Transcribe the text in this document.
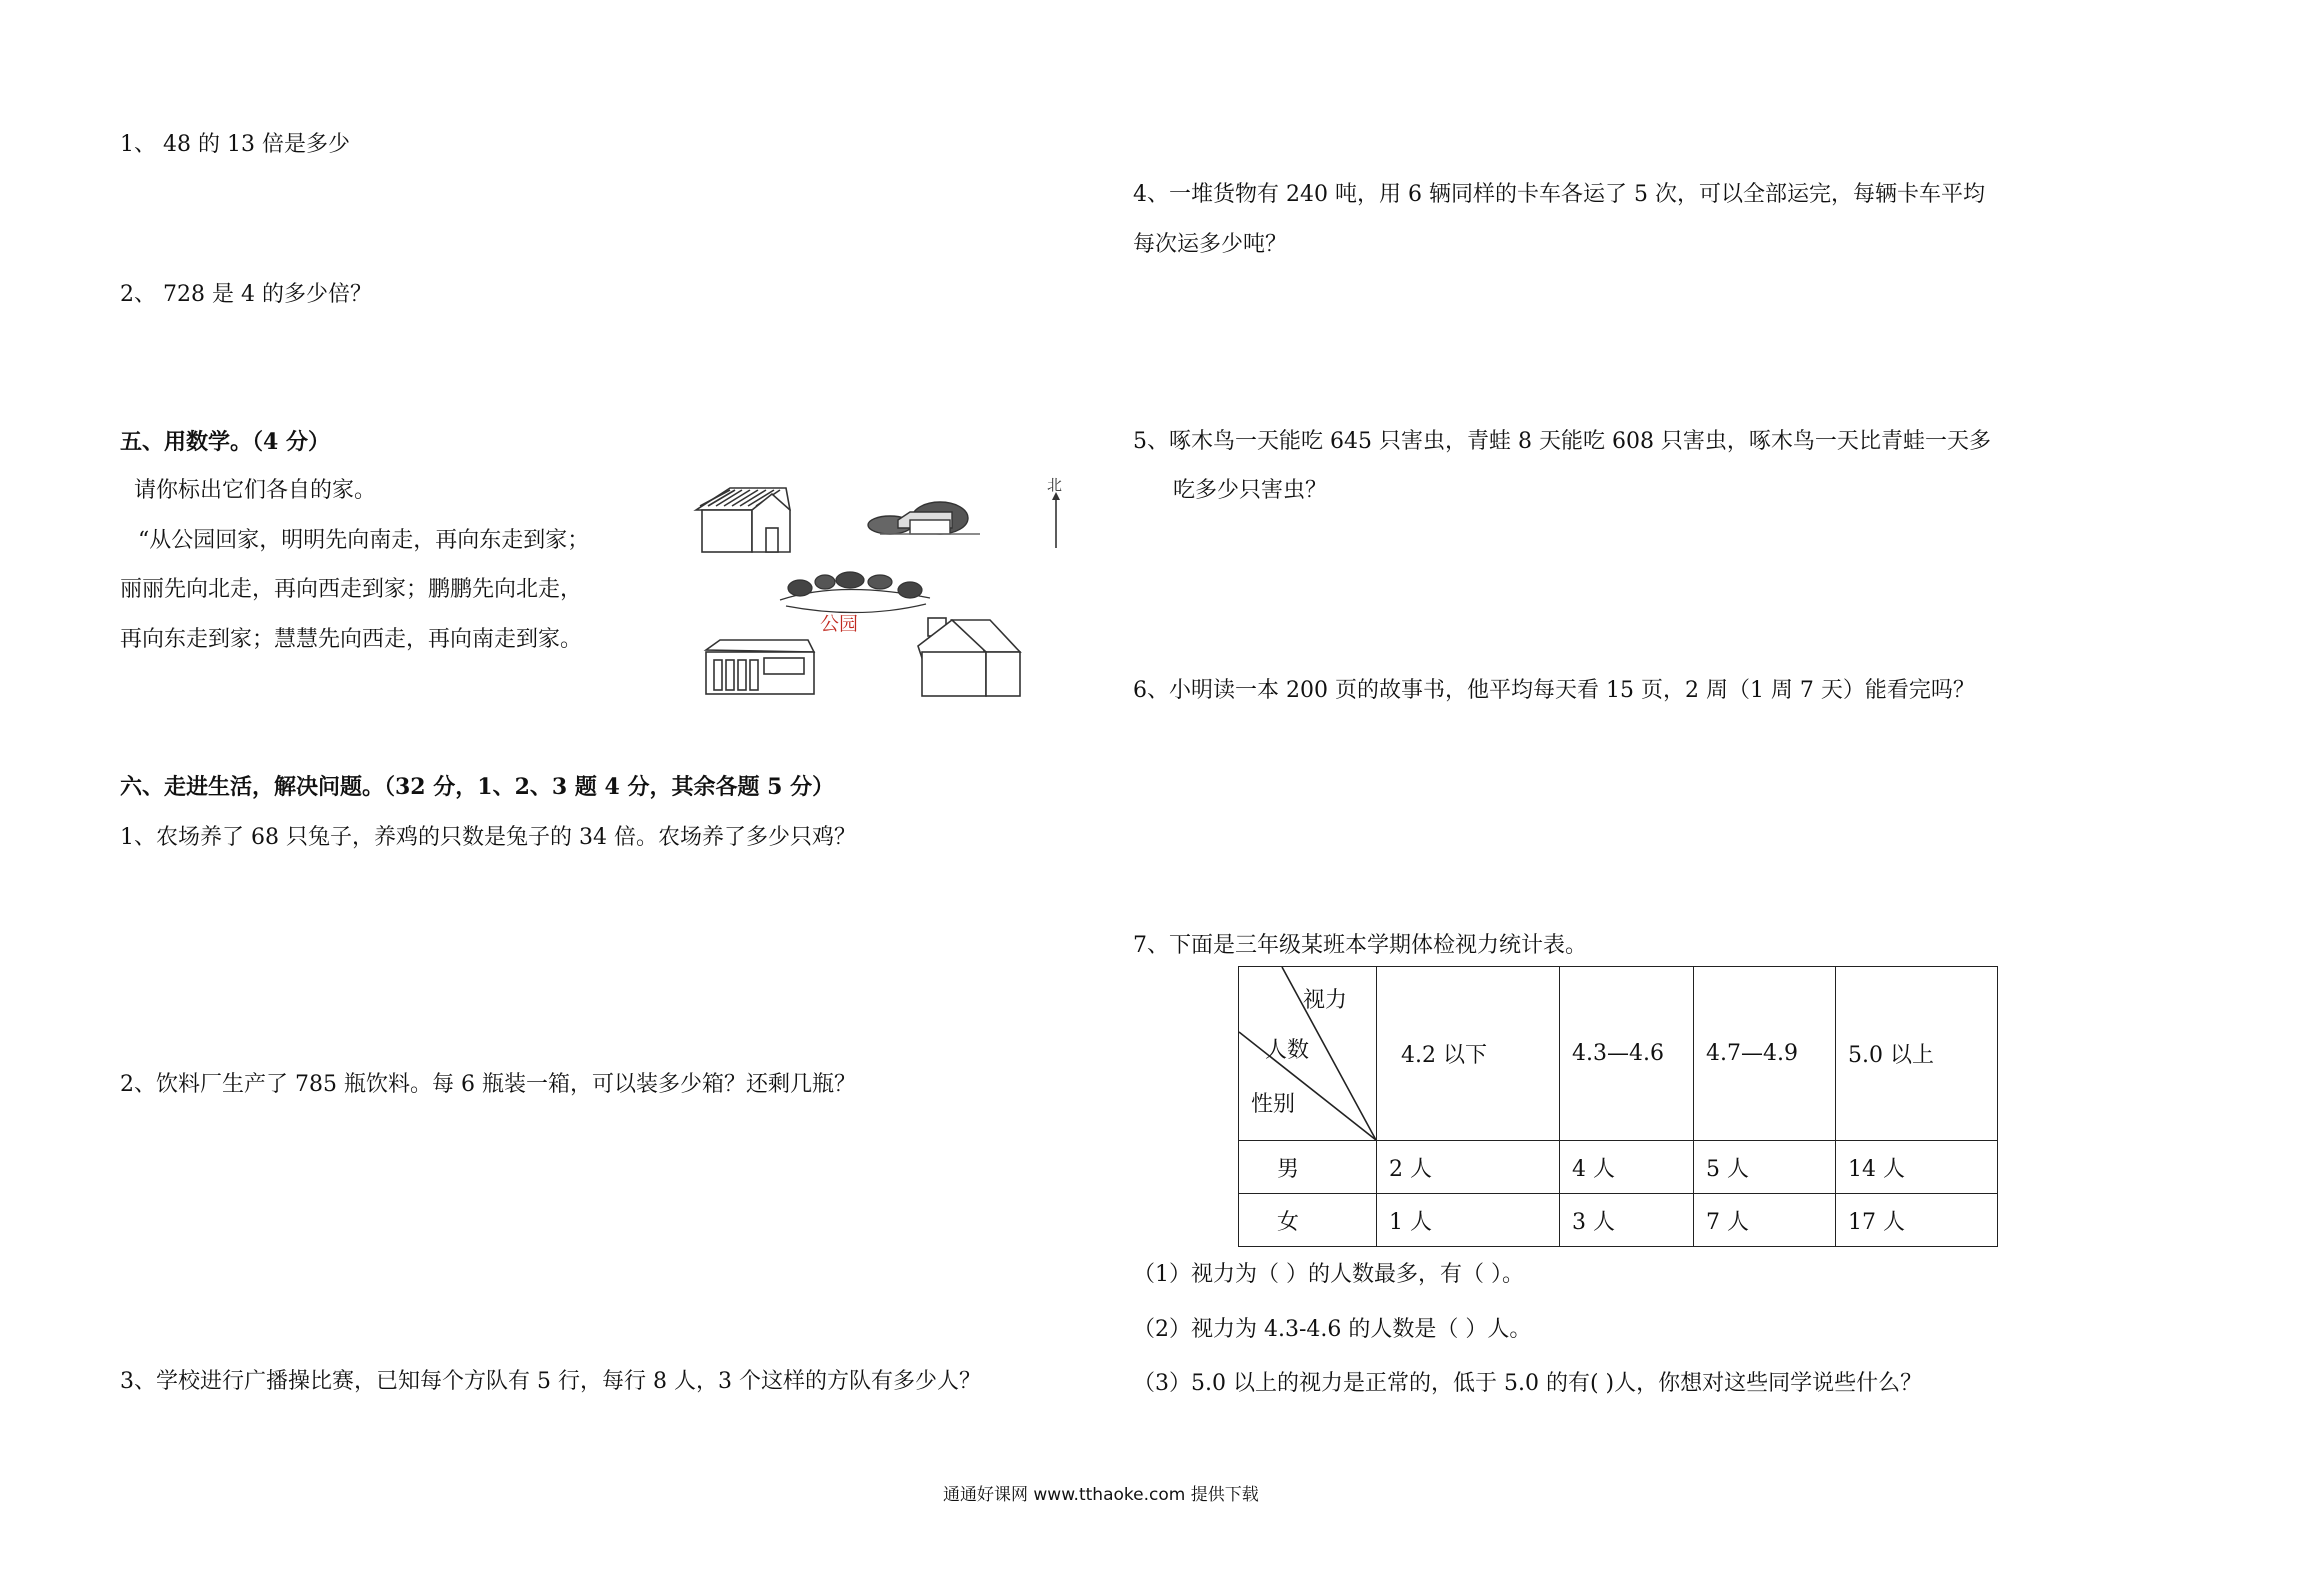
1、 48 的 13 倍是多少
2、 728 是 4 的多少倍？
五、用数学。（4 分）
请你标出它们各自的家。
“从公园回家，明明先向南走，再向东走到家；
丽丽先向北走，再向西走到家；鹏鹏先向北走，
再向东走到家；慧慧先向西走，再向南走到家。
北
公园
六、走进生活，解决问题。（32 分，1、2、3 题 4 分，其余各题 5 分）
1、农场养了 68 只兔子，养鸡的只数是兔子的 34 倍。农场养了多少只鸡？
2、饮料厂生产了 785 瓶饮料。每 6 瓶装一箱，可以装多少箱？还剩几瓶？
3、学校进行广播操比赛，已知每个方队有 5 行，每行 8 人，3 个这样的方队有多少人？
4、一堆货物有 240 吨，用 6 辆同样的卡车各运了 5 次，可以全部运完，每辆卡车平均
每次运多少吨？
5、啄木鸟一天能吃 645 只害虫，青蛙 8 天能吃 608 只害虫，啄木鸟一天比青蛙一天多
吃多少只害虫？
6、小明读一本 200 页的故事书，他平均每天看 15 页，2 周（1 周 7 天）能看完吗？
7、下面是三年级某班本学期体检视力统计表。
视力
人数
性别	4.2 以下	4.3—4.6	4.7—4.9	5.0 以上
男	2 人	4 人	5 人	14 人
女	1 人	3 人	7 人	17 人
（1）视力为（ ）的人数最多，有（ ）。
（2）视力为 4.3-4.6 的人数是（ ）人。
（3）5.0 以上的视力是正常的，低于 5.0 的有( )人，你想对这些同学说些什么？
通通好课网 www.tthaoke.com 提供下载
